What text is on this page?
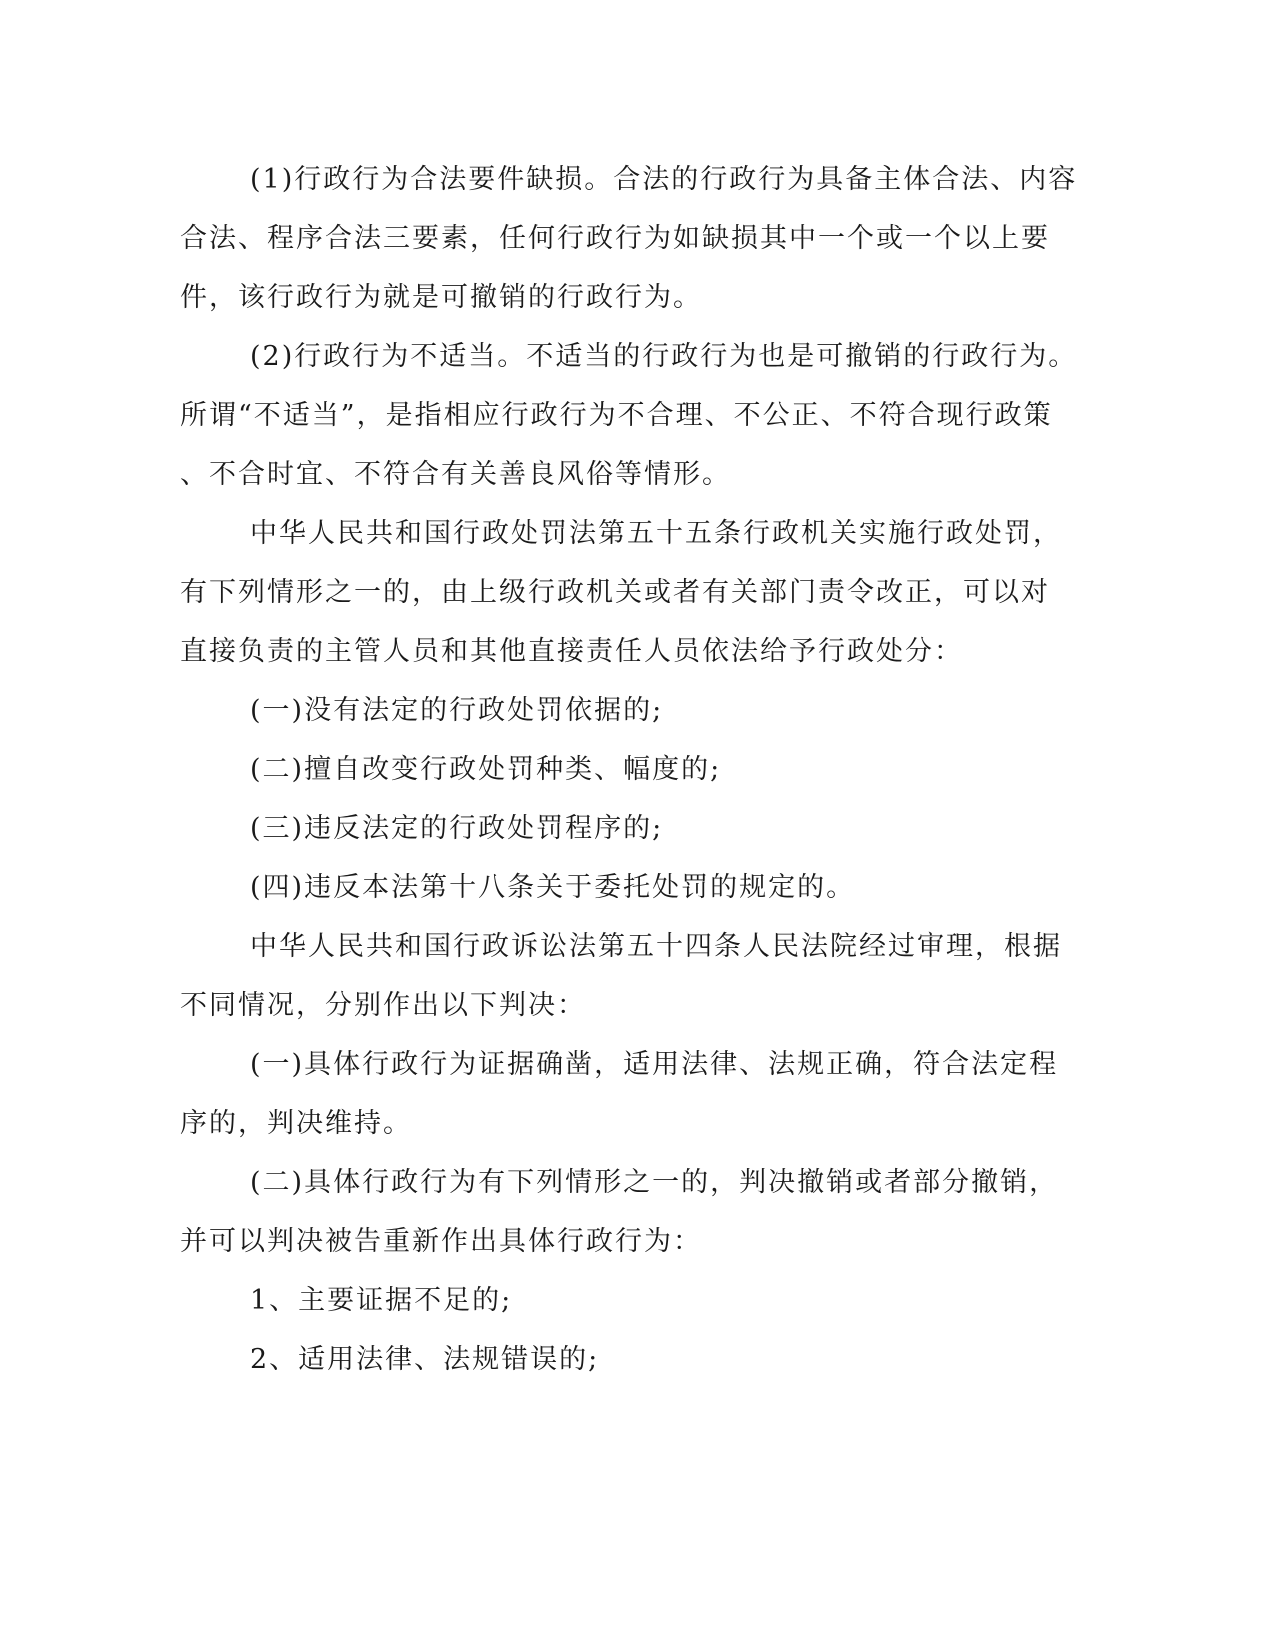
(1)行政行为合法要件缺损。合法的行政行为具备主体合法、内容
合法、程序合法三要素，任何行政行为如缺损其中一个或一个以上要
件，该行政行为就是可撤销的行政行为。
(2)行政行为不适当。不适当的行政行为也是可撤销的行政行为。
所谓“不适当”，是指相应行政行为不合理、不公正、不符合现行政策
、不合时宜、不符合有关善良风俗等情形。
中华人民共和国行政处罚法第五十五条行政机关实施行政处罚，
有下列情形之一的，由上级行政机关或者有关部门责令改正，可以对
直接负责的主管人员和其他直接责任人员依法给予行政处分：
(一)没有法定的行政处罚依据的;
(二)擅自改变行政处罚种类、幅度的;
(三)违反法定的行政处罚程序的;
(四)违反本法第十八条关于委托处罚的规定的。
中华人民共和国行政诉讼法第五十四条人民法院经过审理，根据
不同情况，分别作出以下判决：
(一)具体行政行为证据确凿，适用法律、法规正确，符合法定程
序的，判决维持。
(二)具体行政行为有下列情形之一的，判决撤销或者部分撤销，
并可以判决被告重新作出具体行政行为：
1、主要证据不足的;
2、适用法律、法规错误的;
